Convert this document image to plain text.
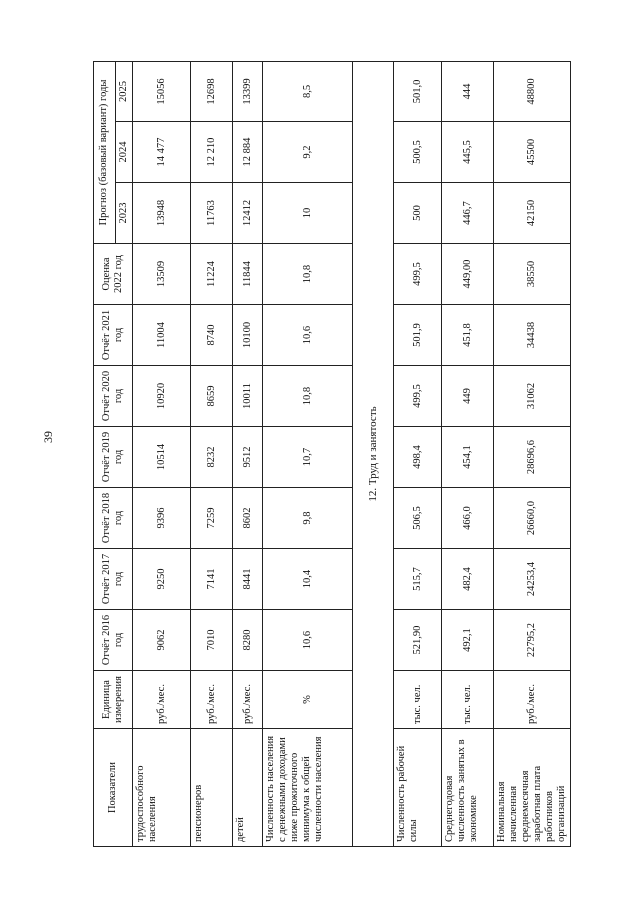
39
Показатели	Единица измерения	Отчёт 2016 год	Отчёт 2017 год	Отчёт 2018 год	Отчёт 2019 год	Отчёт 2020 год	Отчёт 2021 год	Оценка 2022 год	Прогноз (базовый вариант) годы		
									2023	2024	2025
трудоспособного населения	руб./мес.	9062	9250	9396	10514	10920	11004	13509	13948	14 477	15056
пенсионеров	руб./мес.	7010	7141	7259	8232	8659	8740	11224	11763	12 210	12698
детей	руб./мес.	8280	8441	8602	9512	10011	10100	11844	12412	12 884	13399
Численность населения с денежными доходами ниже прожиточного минимума к общей численности населения	%	10,6	10,4	9,8	10,7	10,8	10,6	10,8	10	9,2	8,5
12. Труд и занятость											
Численность рабочей силы	тыс. чел.	521,90	515,7	506,5	498,4	499,5	501,9	499,5	500	500,5	501,0
Среднегодовая численность занятых в экономике	тыс. чел.	492,1	482,4	466,0	454,1	449	451,8	449,00	446,7	445,5	444
Номинальная начисленная среднемесячная заработная плата работников организаций	руб./мес.	22795,2	24253,4	26660,0	28696,6	31062	34438	38550	42150	45500	48800
